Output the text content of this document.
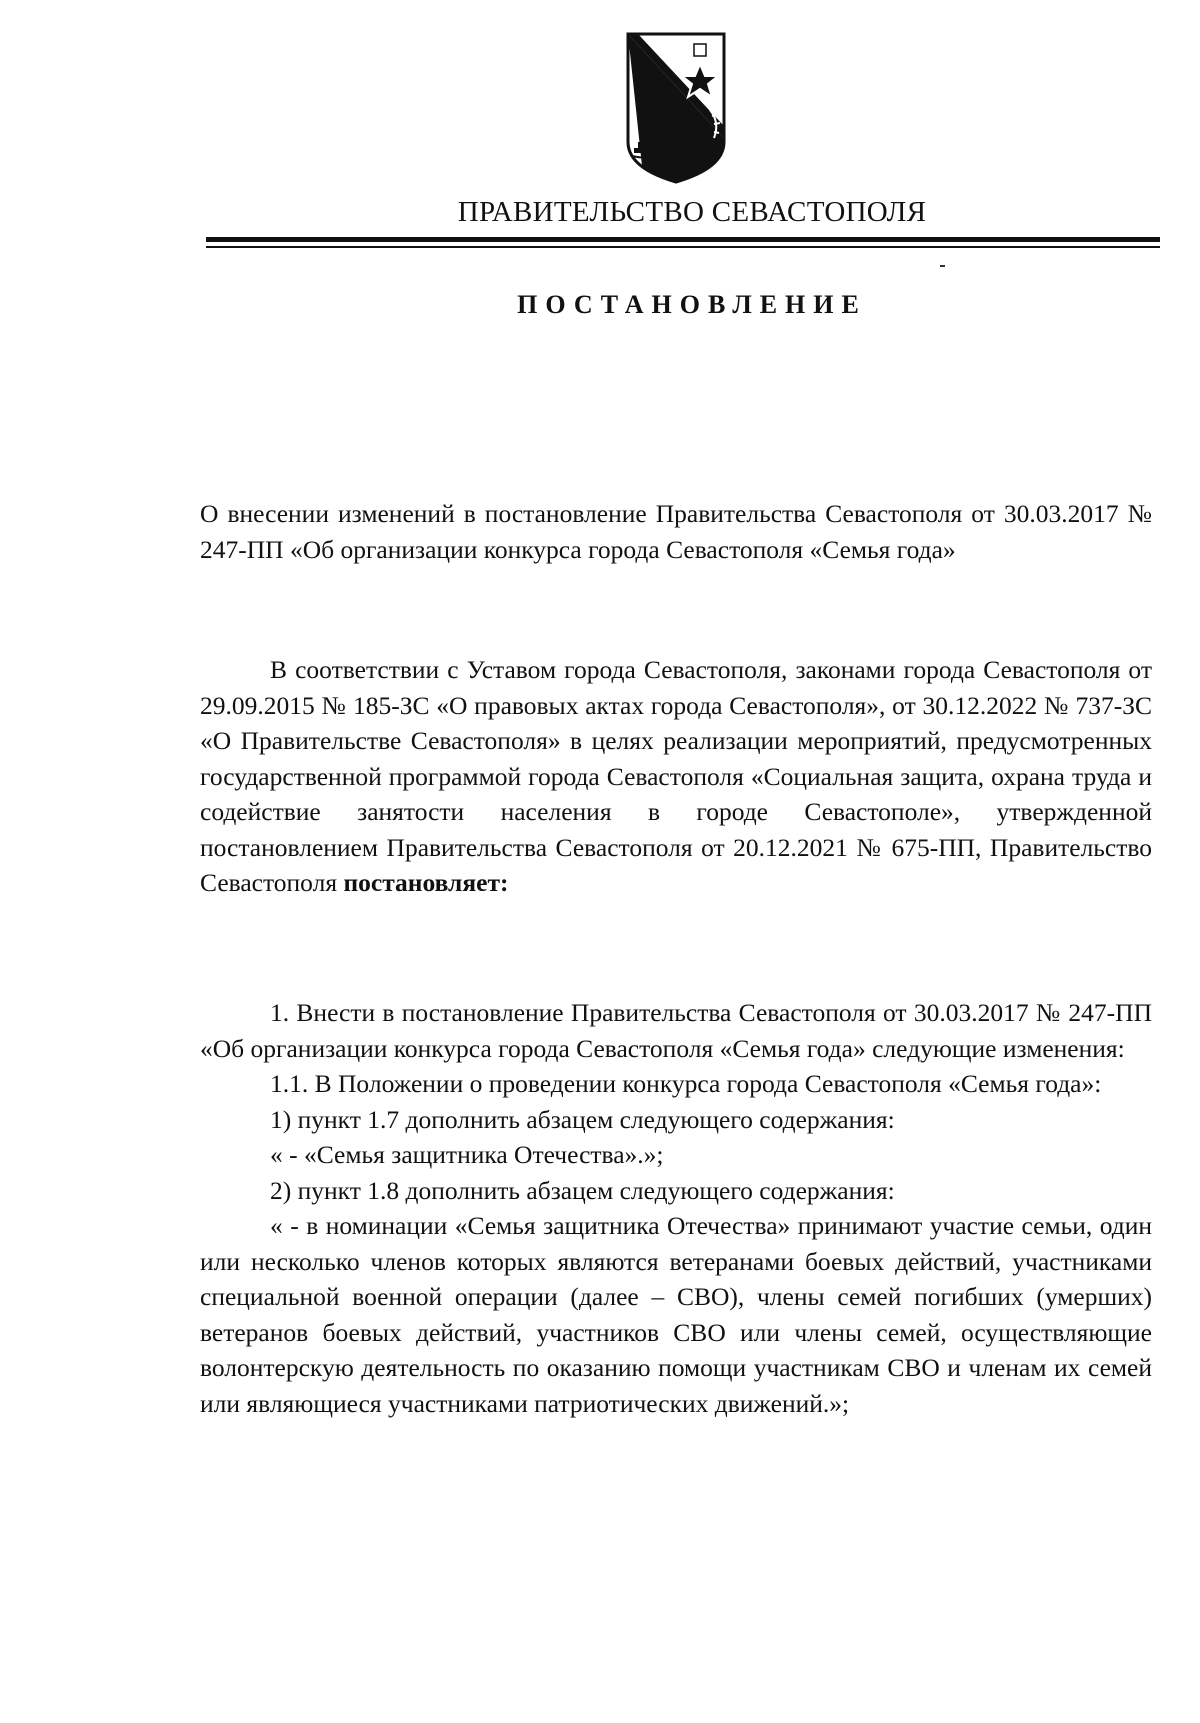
ПРАВИТЕЛЬСТВО СЕВАСТОПОЛЯ
ПОСТАНОВЛЕНИЕ

О внесении изменений в постановление Правительства Севастополя от 30.03.2017 № 247-ПП «Об организации конкурса города Севастополя «Семья года»

В соответствии с Уставом города Севастополя, законами города Севастополя от 29.09.2015 № 185-ЗС «О правовых актах города Севастополя», от 30.12.2022 № 737-ЗС «О Правительстве Севастополя» в целях реализации мероприятий, предусмотренных государственной программой города Севастополя «Социальная защита, охрана труда и содействие занятости населения в городе Севастополе», утвержденной постановлением Правительства Севастополя от 20.12.2021 № 675-ПП, Правительство Севастополя постановляет:

1. Внести в постановление Правительства Севастополя от 30.03.2017 № 247-ПП «Об организации конкурса города Севастополя «Семья года» следующие изменения:

1.1. В Положении о проведении конкурса города Севастополя «Семья года»:

1) пункт 1.7 дополнить абзацем следующего содержания:

« - «Семья защитника Отечества».»;

2) пункт 1.8 дополнить абзацем следующего содержания:

« - в номинации «Семья защитника Отечества» принимают участие семьи, один или несколько членов которых являются ветеранами боевых действий, участниками специальной военной операции (далее – СВО), члены семей погибших (умерших) ветеранов боевых действий, участников СВО или члены семей, осуществляющие волонтерскую деятельность по оказанию помощи участникам СВО и членам их семей или являющиеся участниками патриотических движений.»;
